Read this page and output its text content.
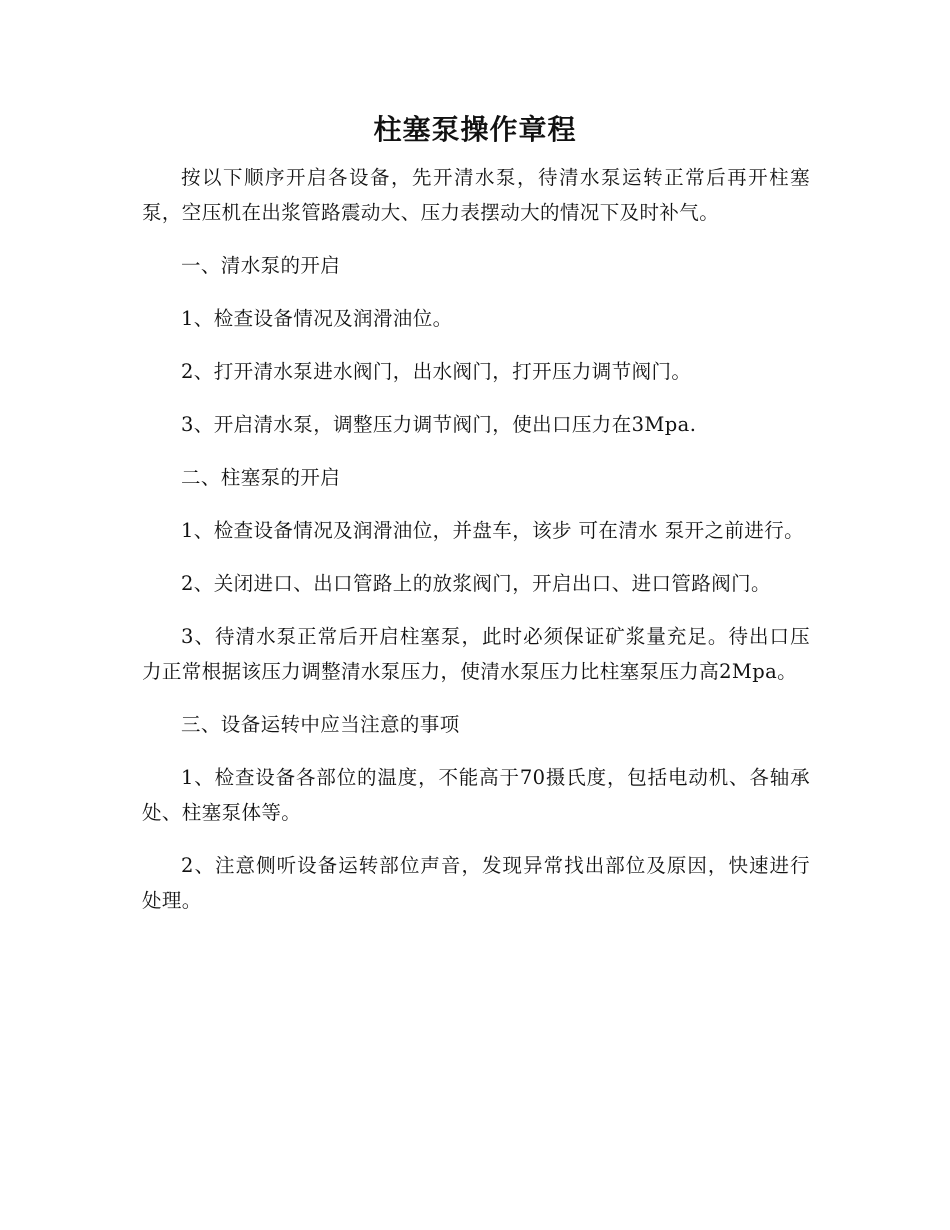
柱塞泵操作章程

按以下顺序开启各设备，先开清水泵，待清水泵运转正常后再开柱塞泵，空压机在出浆管路震动大、压力表摆动大的情况下及时补气。

一、清水泵的开启

1、检查设备情况及润滑油位。

2、打开清水泵进水阀门，出水阀门，打开压力调节阀门。

3、开启清水泵，调整压力调节阀门，使出口压力在3Mpa.

二、柱塞泵的开启

1、检查设备情况及润滑油位，并盘车，该步 可在清水 泵开之前进行。

2、关闭进口、出口管路上的放浆阀门，开启出口、进口管路阀门。

3、待清水泵正常后开启柱塞泵，此时必须保证矿浆量充足。待出口压力正常根据该压力调整清水泵压力，使清水泵压力比柱塞泵压力高2Mpa。

三、设备运转中应当注意的事项

1、检查设备各部位的温度，不能高于70摄氏度，包括电动机、各轴承处、柱塞泵体等。

2、注意侧听设备运转部位声音，发现异常找出部位及原因，快速进行处理。
